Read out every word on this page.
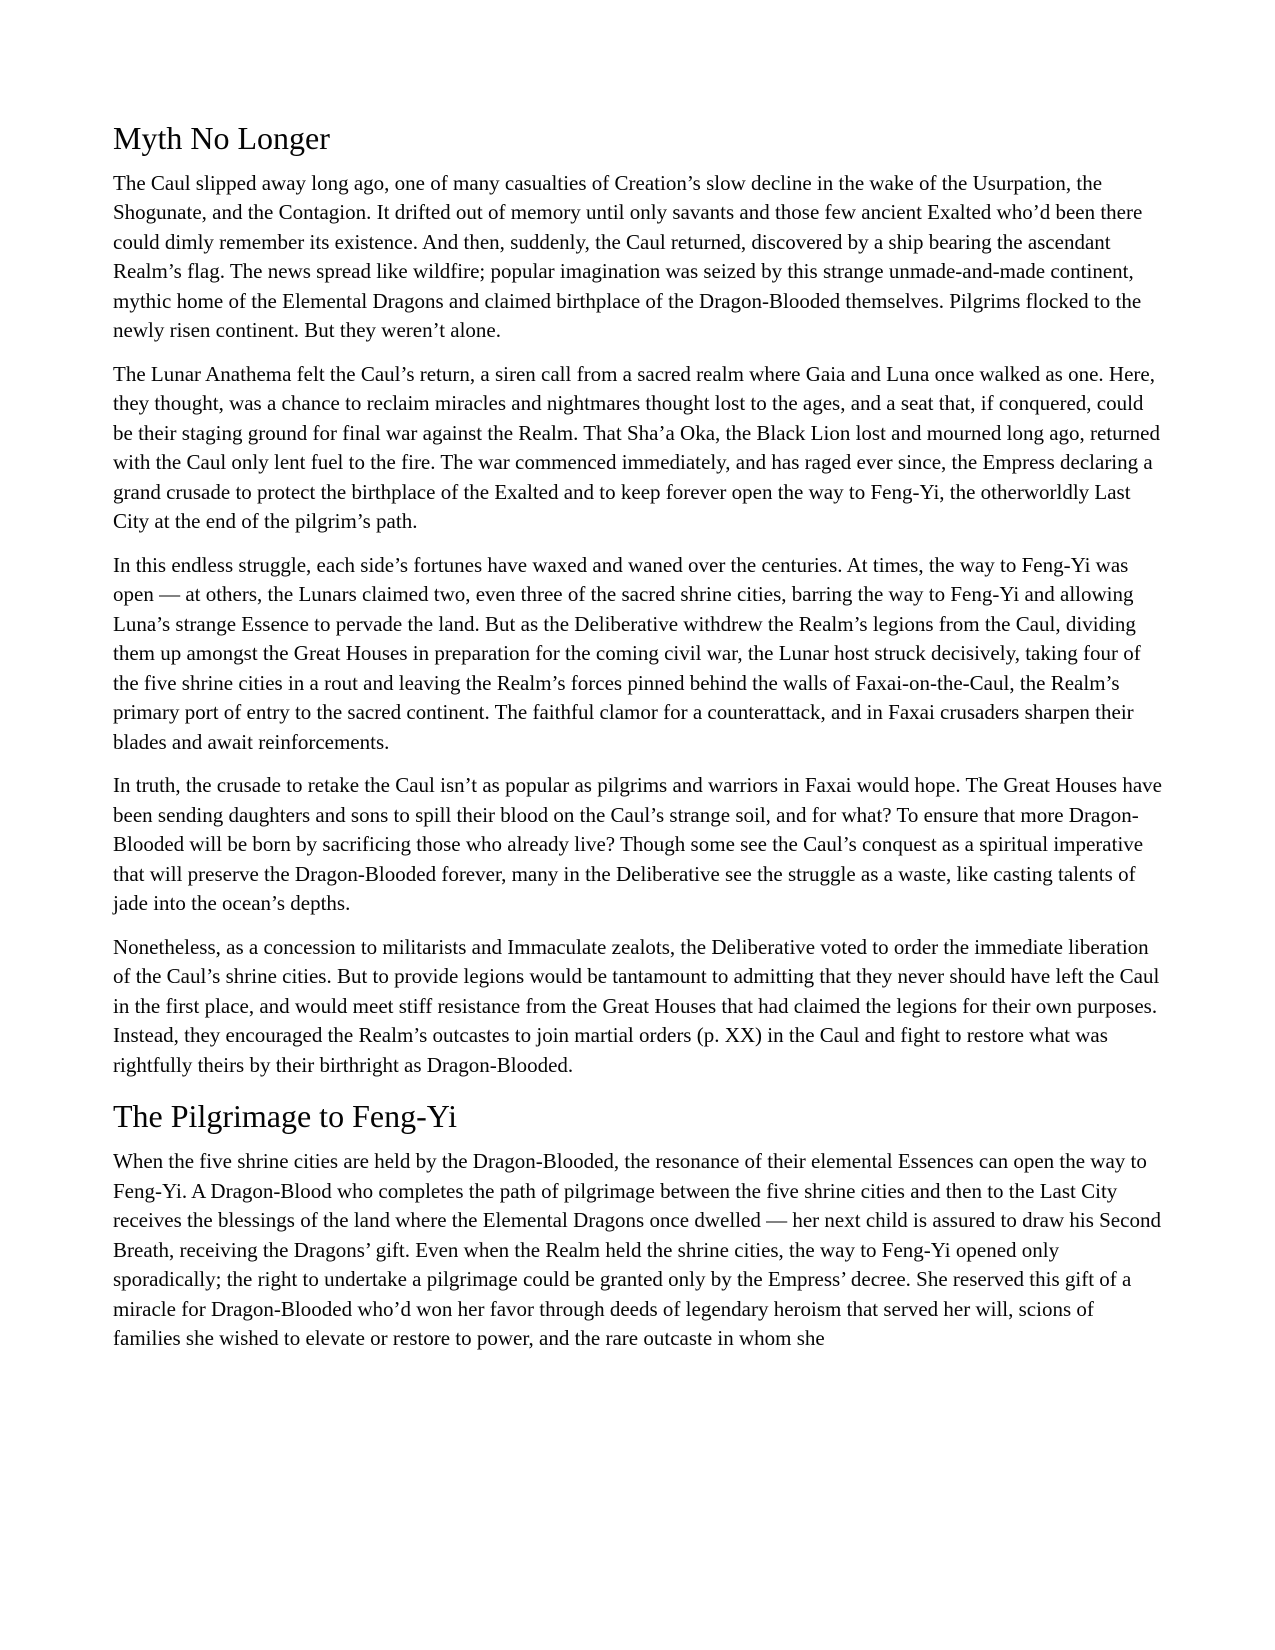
Myth No Longer

The Caul slipped away long ago, one of many casualties of Creation’s slow decline in the wake of the Usurpation, the Shogunate, and the Contagion. It drifted out of memory until only savants and those few ancient Exalted who’d been there could dimly remember its existence. And then, suddenly, the Caul returned, discovered by a ship bearing the ascendant Realm’s flag. The news spread like wildfire; popular imagination was seized by this strange unmade-and-made continent, mythic home of the Elemental Dragons and claimed birthplace of the Dragon-Blooded themselves. Pilgrims flocked to the newly risen continent. But they weren’t alone.

The Lunar Anathema felt the Caul’s return, a siren call from a sacred realm where Gaia and Luna once walked as one. Here, they thought, was a chance to reclaim miracles and nightmares thought lost to the ages, and a seat that, if conquered, could be their staging ground for final war against the Realm. That Sha’a Oka, the Black Lion lost and mourned long ago, returned with the Caul only lent fuel to the fire. The war commenced immediately, and has raged ever since, the Empress declaring a grand crusade to protect the birthplace of the Exalted and to keep forever open the way to Feng-Yi, the otherworldly Last City at the end of the pilgrim’s path.

In this endless struggle, each side’s fortunes have waxed and waned over the centuries. At times, the way to Feng-Yi was open — at others, the Lunars claimed two, even three of the sacred shrine cities, barring the way to Feng-Yi and allowing Luna’s strange Essence to pervade the land. But as the Deliberative withdrew the Realm’s legions from the Caul, dividing them up amongst the Great Houses in preparation for the coming civil war, the Lunar host struck decisively, taking four of the five shrine cities in a rout and leaving the Realm’s forces pinned behind the walls of Faxai-on-the-Caul, the Realm’s primary port of entry to the sacred continent. The faithful clamor for a counterattack, and in Faxai crusaders sharpen their blades and await reinforcements.

In truth, the crusade to retake the Caul isn’t as popular as pilgrims and warriors in Faxai would hope. The Great Houses have been sending daughters and sons to spill their blood on the Caul’s strange soil, and for what? To ensure that more Dragon-Blooded will be born by sacrificing those who already live? Though some see the Caul’s conquest as a spiritual imperative that will preserve the Dragon-Blooded forever, many in the Deliberative see the struggle as a waste, like casting talents of jade into the ocean’s depths.

Nonetheless, as a concession to militarists and Immaculate zealots, the Deliberative voted to order the immediate liberation of the Caul’s shrine cities. But to provide legions would be tantamount to admitting that they never should have left the Caul in the first place, and would meet stiff resistance from the Great Houses that had claimed the legions for their own purposes. Instead, they encouraged the Realm’s outcastes to join martial orders (p. XX) in the Caul and fight to restore what was rightfully theirs by their birthright as Dragon-Blooded.

The Pilgrimage to Feng-Yi

When the five shrine cities are held by the Dragon-Blooded, the resonance of their elemental Essences can open the way to Feng-Yi. A Dragon-Blood who completes the path of pilgrimage between the five shrine cities and then to the Last City receives the blessings of the land where the Elemental Dragons once dwelled — her next child is assured to draw his Second Breath, receiving the Dragons’ gift. Even when the Realm held the shrine cities, the way to Feng-Yi opened only sporadically; the right to undertake a pilgrimage could be granted only by the Empress’ decree. She reserved this gift of a miracle for Dragon-Blooded who’d won her favor through deeds of legendary heroism that served her will, scions of families she wished to elevate or restore to power, and the rare outcaste in whom she
